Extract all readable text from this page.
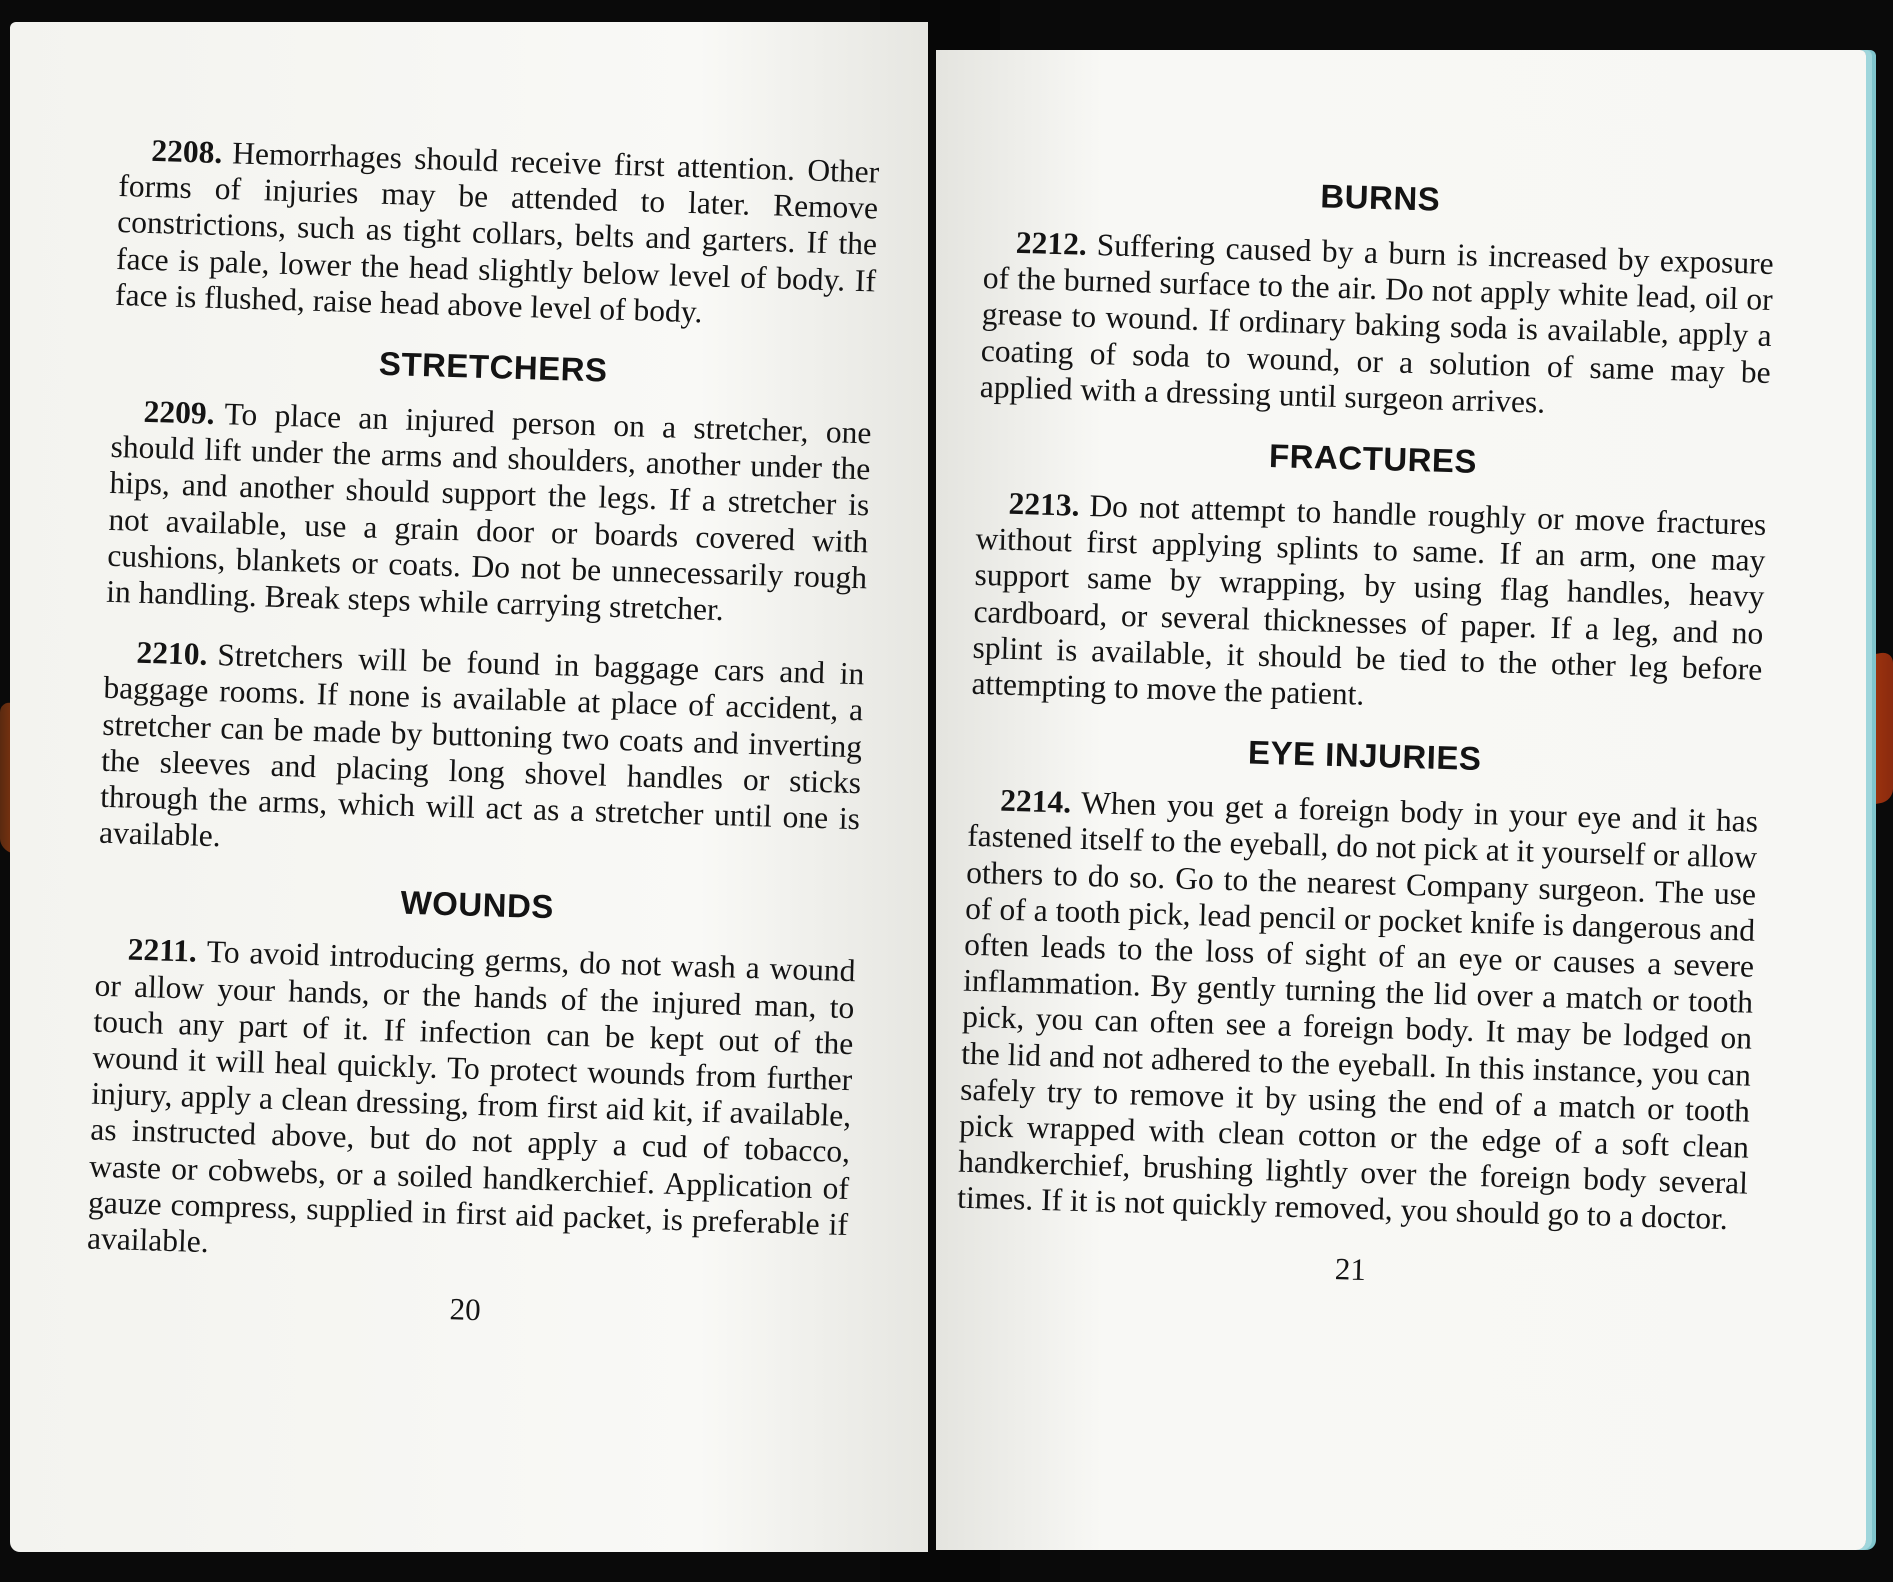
2208. Hemorrhages should receive first attention. Other forms of injuries may be attended to later. Remove constrictions, such as tight collars, belts and garters. If the face is pale, lower the head slightly below level of body. If face is flushed, raise head above level of body.

STRETCHERS

2209. To place an injured person on a stretcher, one should lift under the arms and shoulders, another under the hips, and another should support the legs. If a stretcher is not available, use a grain door or boards covered with cushions, blankets or coats. Do not be unnecessarily rough in handling. Break steps while carrying stretcher.

2210. Stretchers will be found in baggage cars and in baggage rooms. If none is available at place of accident, a stretcher can be made by buttoning two coats and inverting the sleeves and placing long shovel handles or sticks through the arms, which will act as a stretcher until one is available.

WOUNDS

2211. To avoid introducing germs, do not wash a wound or allow your hands, or the hands of the injured man, to touch any part of it. If infection can be kept out of the wound it will heal quickly. To protect wounds from further injury, apply a clean dressing, from first aid kit, if available, as instructed above, but do not apply a cud of tobacco, waste or cobwebs, or a soiled handkerchief. Application of gauze compress, supplied in first aid packet, is preferable if available.

20
BURNS

2212. Suffering caused by a burn is increased by exposure of the burned surface to the air. Do not apply white lead, oil or grease to wound. If ordinary baking soda is available, apply a coating of soda to wound, or a solution of same may be applied with a dressing until surgeon arrives.

FRACTURES

2213. Do not attempt to handle roughly or move fractures without first applying splints to same. If an arm, one may support same by wrapping, by using flag handles, heavy cardboard, or several thicknesses of paper. If a leg, and no splint is available, it should be tied to the other leg before attempting to move the patient.

EYE INJURIES

2214. When you get a foreign body in your eye and it has fastened itself to the eyeball, do not pick at it yourself or allow others to do so. Go to the nearest Company surgeon. The use of of a tooth pick, lead pencil or pocket knife is dangerous and often leads to the loss of sight of an eye or causes a severe inflammation. By gently turning the lid over a match or tooth pick, you can often see a foreign body. It may be lodged on the lid and not adhered to the eyeball. In this instance, you can safely try to remove it by using the end of a match or tooth pick wrapped with clean cotton or the edge of a soft clean handkerchief, brushing lightly over the foreign body several times. If it is not quickly removed, you should go to a doctor.

21
